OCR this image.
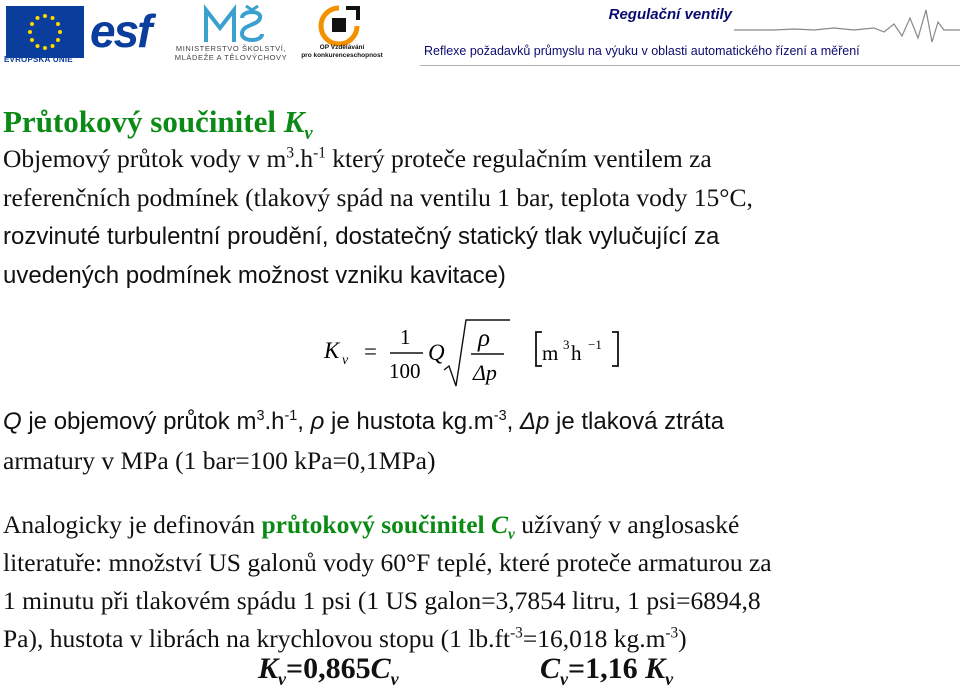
EVROPSKÁ UNIE
esf	MINISTERSTVO ŠKOLSTVÍ,
MLÁDEŽE A TĚLOVÝCHOVY
OP Vzdělávání
pro konkurenceschopnost
Regulační ventily
Reflexe požadavků průmyslu na výuku v oblasti automatického řízení a měření
Průtokový součinitel $K_v$
Objemový průtok vody v $m^3.h^{-1}$ který proteče regulačním ventilem za
referenčních podmínek (tlakový spád na ventilu 1 bar, teplota vody 15°C,
rozvinuté turbulentní proudění, dostatečný statický tlak vylučující za
uvedených podmínek možnost vzniku kavitace)
K v =
1
100
Q
ρ
Δp
m 3 h −1
Q je objemový průtok $m^3.h^{-1}$, ρ je hustota $kg.m^{-3}$, Δp je tlaková ztráta
armatury v MPa (1 bar=100 kPa=0,1MPa)
Analogicky je definován průtokový součinitel $C_v$ užívaný v anglosaské
literatuře: množství US galonů vody 60°F teplé, které proteče armaturou za
1 minutu při tlakovém spádu 1 psi (1 US galon=3,7854 litru, 1 psi=6894,8
Pa), hustota v librách na krychlovou stopu (1 $lb.ft^{-3}=16,018$ $kg.m^{-3}$)
$K_v=0,865C_v$	$C_v=1,16$ $K_v$
